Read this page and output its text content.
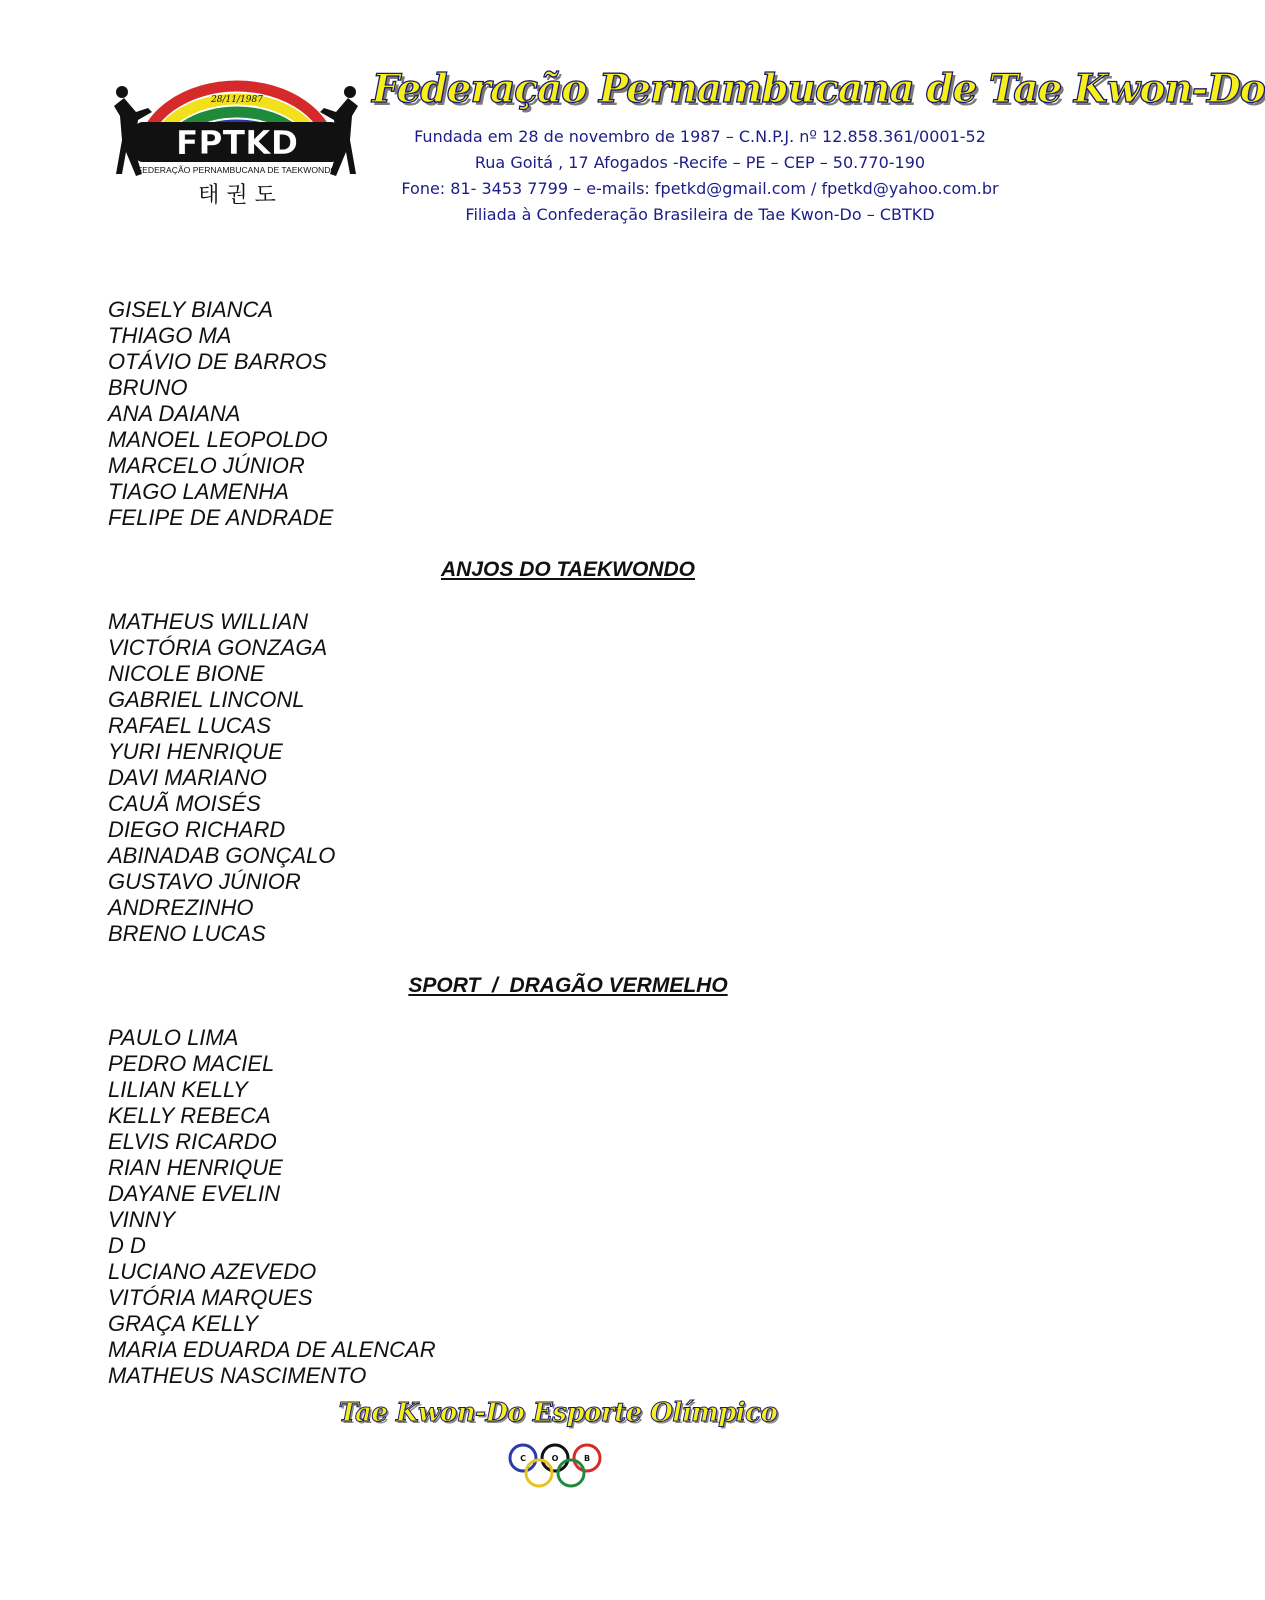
28/11/1987
FPTKD
FEDERAÇÃO PERNAMBUCANA DE TAEKWONDO
태 권 도
Federação Pernambucana de Tae Kwon-Do
Fundada em 28 de novembro de 1987 – C.N.P.J. nº 12.858.361/0001-52
Rua Goitá , 17 Afogados -Recife – PE – CEP – 50.770-190
Fone: 81- 3453 7799 – e-mails: fpetkd@gmail.com / fpetkd@yahoo.com.br
Filiada à Confederação Brasileira de Tae Kwon-Do – CBTKD
GISELY BIANCA
THIAGO MA
OTÁVIO DE BARROS
BRUNO
ANA DAIANA
MANOEL LEOPOLDO
MARCELO JÚNIOR
TIAGO LAMENHA
FELIPE DE ANDRADE
ANJOS DO TAEKWONDO
MATHEUS WILLIAN
VICTÓRIA GONZAGA
NICOLE BIONE
GABRIEL LINCONL
RAFAEL LUCAS
YURI HENRIQUE
DAVI MARIANO
CAUÃ MOISÉS
DIEGO RICHARD
ABINADAB GONÇALO
GUSTAVO JÚNIOR
ANDREZINHO
BRENO LUCAS
SPORT  /  DRAGÃO VERMELHO
PAULO LIMA
PEDRO MACIEL
LILIAN KELLY
KELLY REBECA
ELVIS RICARDO
RIAN HENRIQUE
DAYANE EVELIN
VINNY
D D
LUCIANO AZEVEDO
VITÓRIA MARQUES
GRAÇA KELLY
MARIA EDUARDA DE ALENCAR
MATHEUS NASCIMENTO
Tae Kwon-Do Esporte Olímpico
C	O	B
